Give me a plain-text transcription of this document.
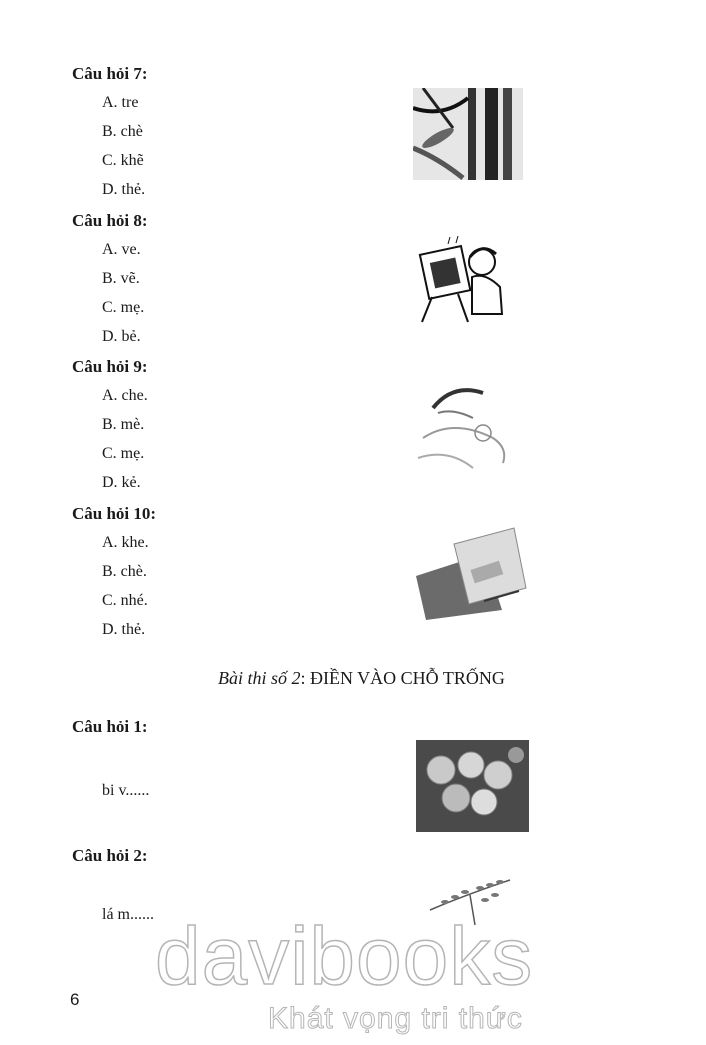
Câu hỏi 7:
A. tre
B. chè
C. khẽ
D. thẻ.
Câu hỏi 8:
A. ve.
B. vẽ.
C. mẹ.
D. bẻ.
Câu hỏi 9:
A. che.
B. mè.
C. mẹ.
D. kẻ.
Câu hỏi 10:
A. khe.
B. chè.
C. nhé.
D. thẻ.
Bài thi số 2: ĐIỀN VÀO CHỖ TRỐNG
Câu hỏi 1:
bi v......
Câu hỏi 2:
lá m......
6 davibooks
Khát vọng tri thức
